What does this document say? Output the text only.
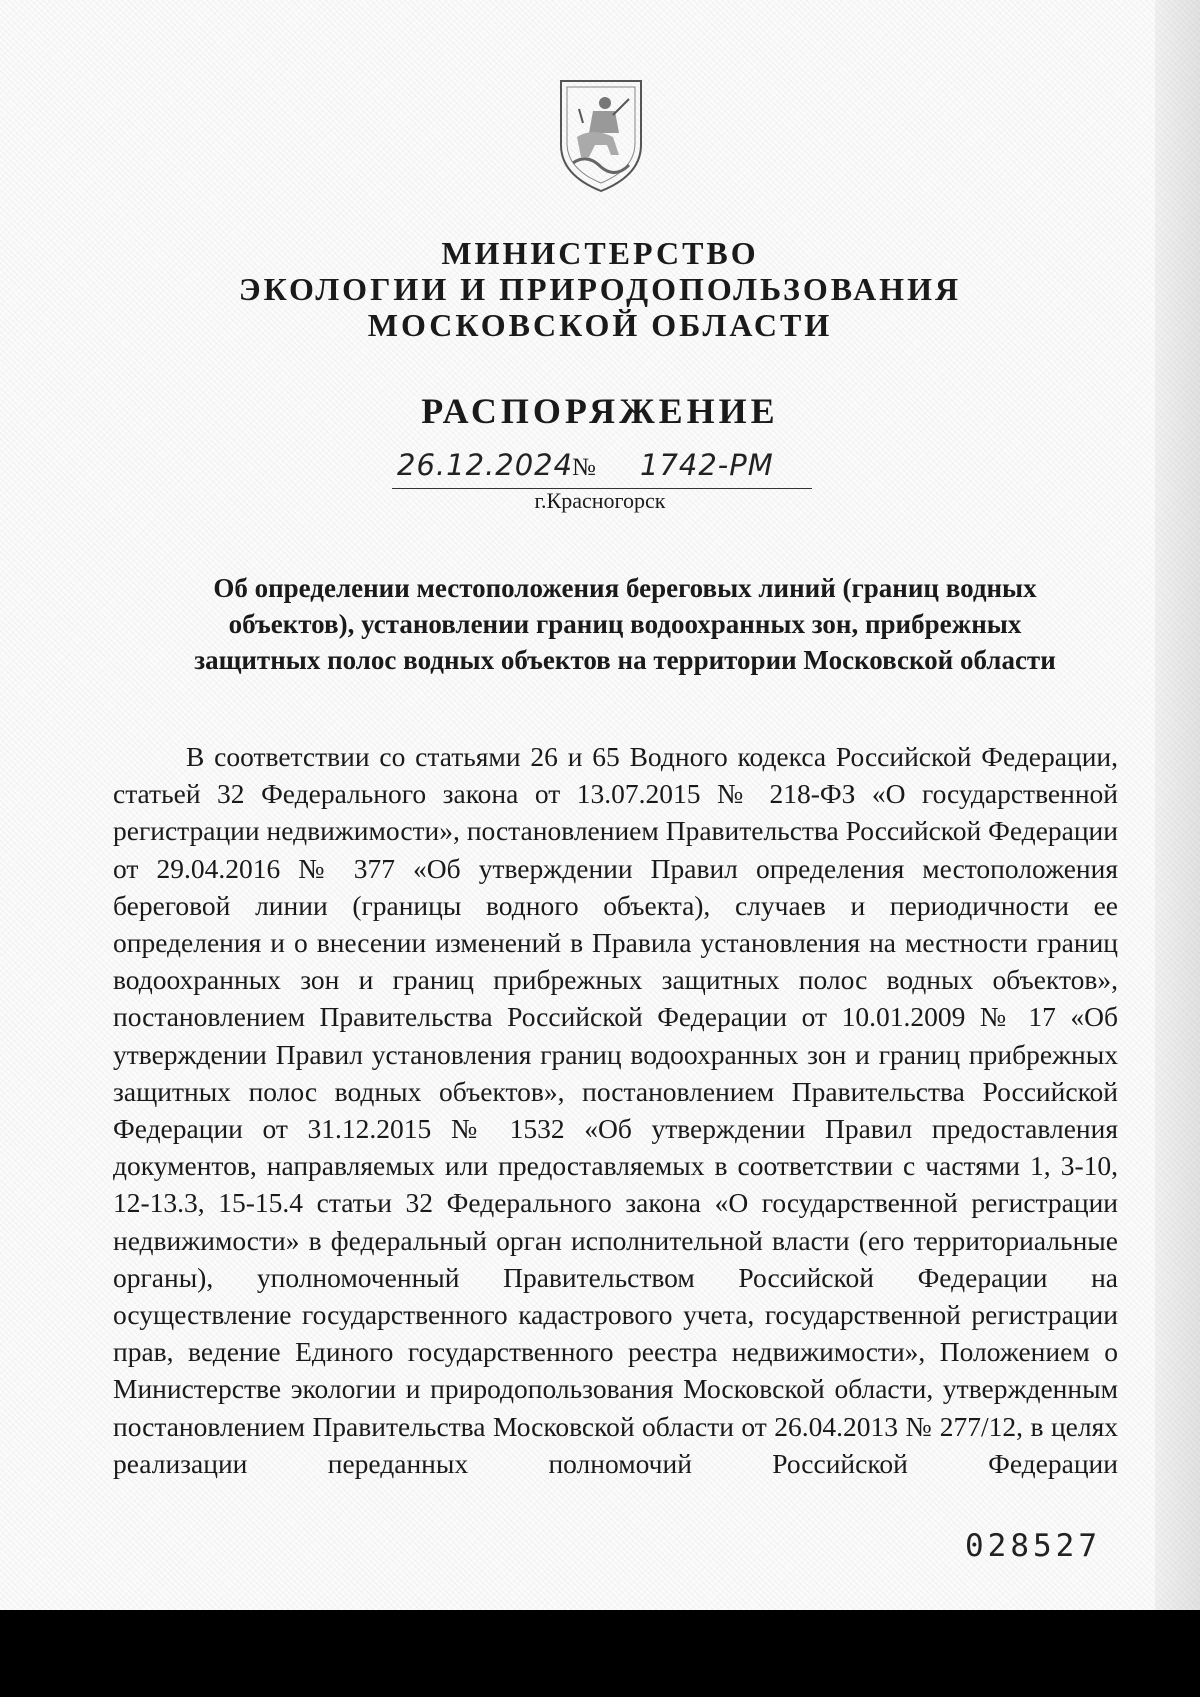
МИНИСТЕРСТВО
ЭКОЛОГИИ И ПРИРОДОПОЛЬЗОВАНИЯ
МОСКОВСКОЙ ОБЛАСТИ
РАСПОРЯЖЕНИЕ
26.12.2024
№ 1742-РМ
г.Красногорск
Об определении местоположения береговых линий (границ водных
объектов), установлении границ водоохранных зон, прибрежных
защитных полос водных объектов на территории Московской области
В соответствии со статьями 26 и 65 Водного кодекса Российской Федерации, статьей 32 Федерального закона от 13.07.2015 № 218-ФЗ «О государственной регистрации недвижимости», постановлением Правительства Российской Федерации от 29.04.2016 № 377 «Об утверждении Правил определения местоположения береговой линии (границы водного объекта), случаев и периодичности ее определения и о внесении изменений в Правила установления на местности границ водоохранных зон и границ прибрежных защитных полос водных объектов», постановлением Правительства Российской Федерации от 10.01.2009 № 17 «Об утверждении Правил установления границ водоохранных зон и границ прибрежных защитных полос водных объектов», постановлением Правительства Российской Федерации от 31.12.2015 № 1532 «Об утверждении Правил предоставления документов, направляемых или предоставляемых в соответствии с частями 1, 3-10, 12-13.3, 15-15.4 статьи 32 Федерального закона «О государственной регистрации недвижимости» в федеральный орган исполнительной власти (его территориальные органы), уполномоченный Правительством Российской Федерации на осуществление государственного кадастрового учета, государственной регистрации прав, ведение Единого государственного реестра недвижимости», Положением о Министерстве экологии и природопользования Московской области, утвержденным постановлением Правительства Московской области от 26.04.2013 № 277/12, в целях реализации переданных полномочий Российской Федерации
028527
